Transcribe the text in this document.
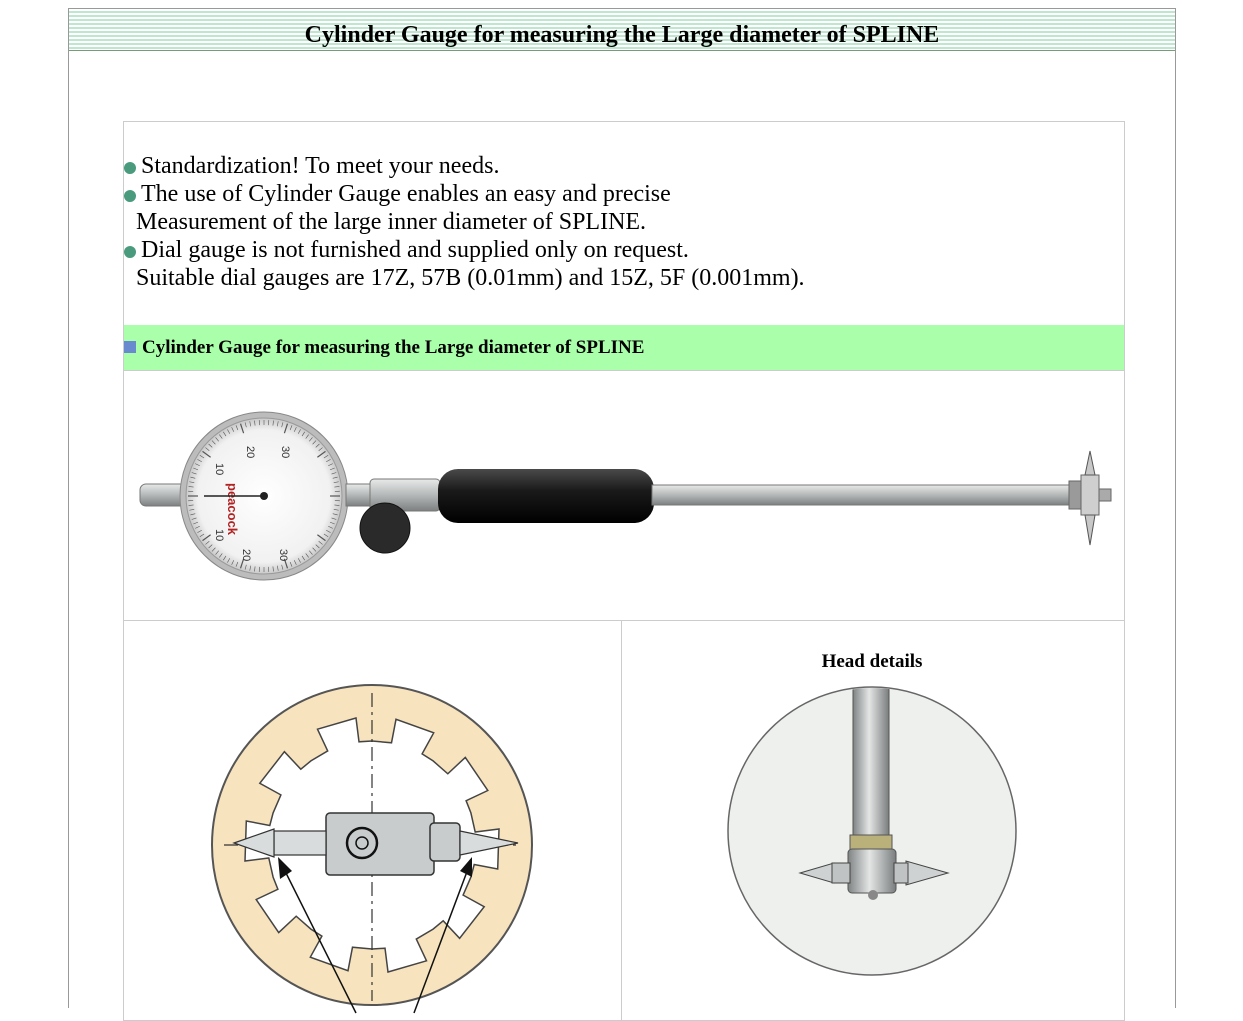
Cylinder Gauge for measuring the Large diameter of SPLINE
Standardization! To meet your needs.
The use of Cylinder Gauge enables an easy and precise
Measurement of the large inner diameter of SPLINE.
Dial gauge is not furnished and supplied only on request.
Suitable dial gauges are 17Z, 57B (0.01mm) and 15Z, 5F (0.001mm).
Cylinder Gauge for measuring the Large diameter of SPLINE
20 30
10
10
20 30
peacock
Head details
